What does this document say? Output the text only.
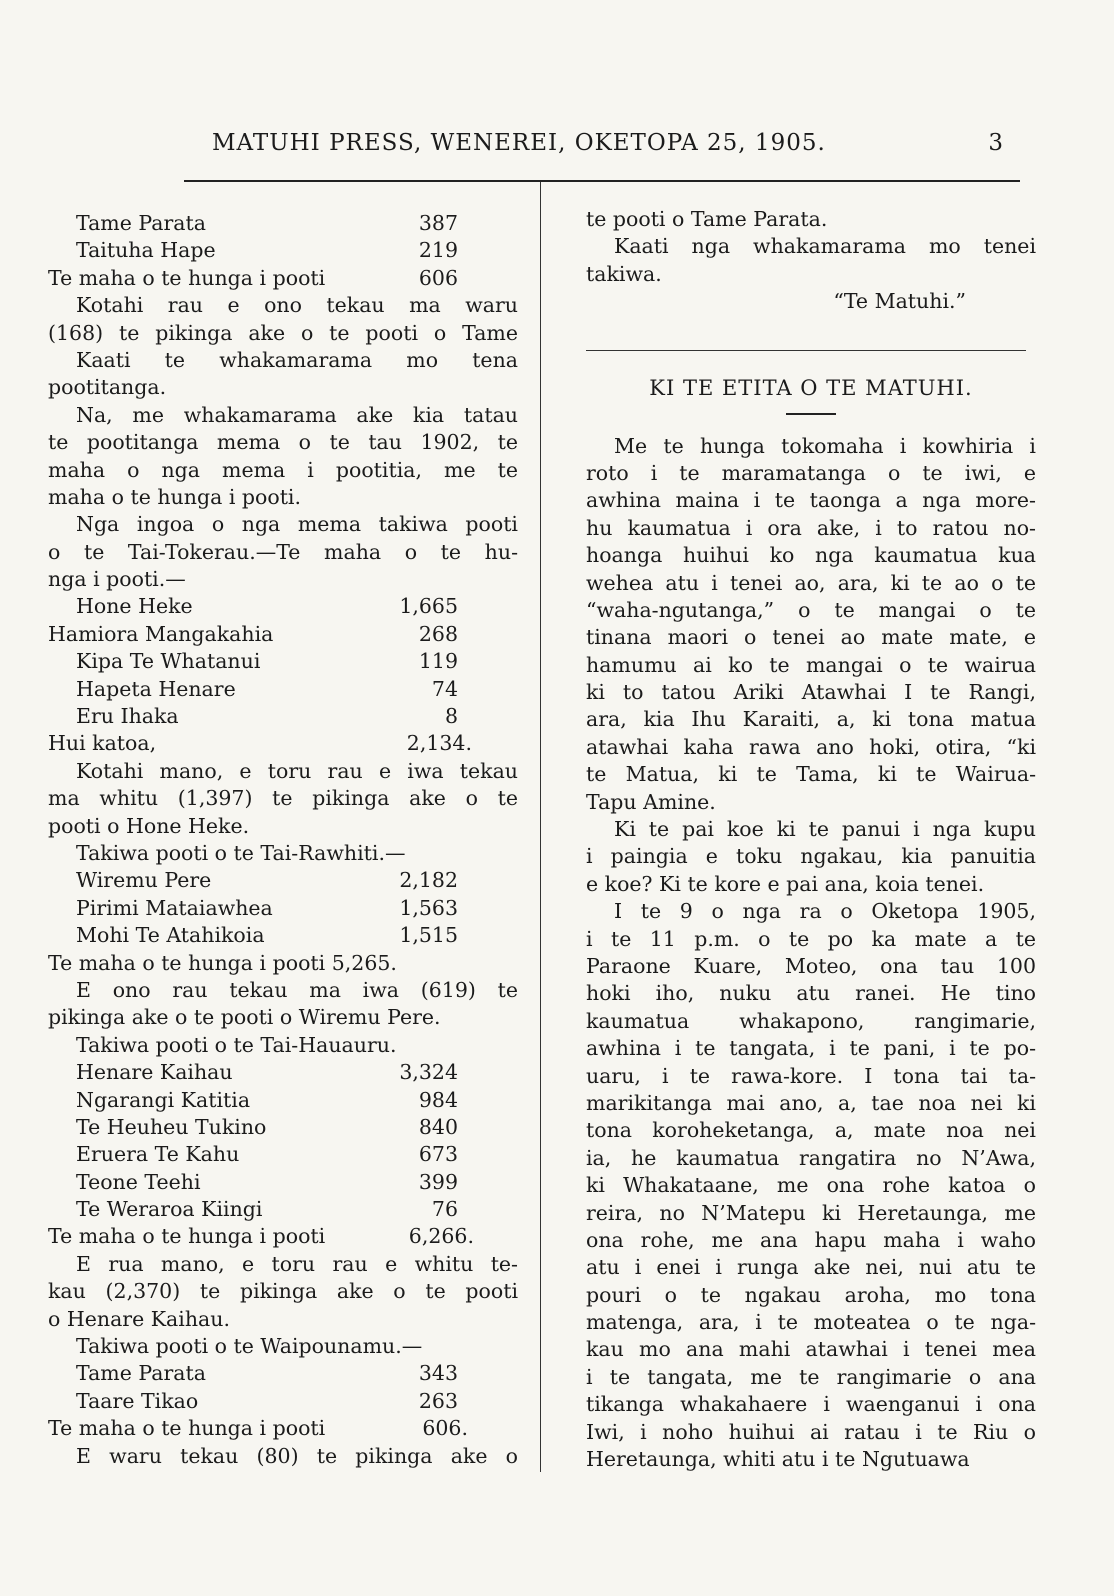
MATUHI PRESS, WENEREI, OKETOPA 25, 1905.	3
Tame Parata	387
Taituha Hape	219
Te maha o te hunga i pooti	606
Kotahi rau e ono tekau ma waru
(168) te pikinga ake o te pooti o Tame
Kaati te whakamarama mo tena
pootitanga.
Na, me whakamarama ake kia tatau
te pootitanga mema o te tau 1902, te
maha o nga mema i pootitia, me te
maha o te hunga i pooti.
Nga ingoa o nga mema takiwa pooti
o te Tai-Tokerau.—Te maha o te hu-
nga i pooti.—
Hone Heke	1,665
Hamiora Mangakahia	268
Kipa Te Whatanui	119
Hapeta Henare	74
Eru Ihaka	8
Hui katoa,	2,134.
Kotahi mano, e toru rau e iwa tekau
ma whitu (1,397) te pikinga ake o te
pooti o Hone Heke.
Takiwa pooti o te Tai-Rawhiti.—
Wiremu Pere	2,182
Pirimi Mataiawhea	1,563
Mohi Te Atahikoia	1,515
Te maha o te hunga i pooti 5,265.
E ono rau tekau ma iwa (619) te
pikinga ake o te pooti o Wiremu Pere.
Takiwa pooti o te Tai-Hauauru.
Henare Kaihau	3,324
Ngarangi Katitia	984
Te Heuheu Tukino	840
Eruera Te Kahu	673
Teone Teehi	399
Te Weraroa Kiingi	76
Te maha o te hunga i pooti	6,266.
E rua mano, e toru rau e whitu te-
kau (2,370) te pikinga ake o te pooti
o Henare Kaihau.
Takiwa pooti o te Waipounamu.—
Tame Parata	343
Taare Tikao	263
Te maha o te hunga i pooti	606.
E waru tekau (80) te pikinga ake o
te pooti o Tame Parata.
Kaati nga whakamarama mo tenei
takiwa.
“Te Matuhi.”
KI TE ETITA O TE MATUHI.
Me te hunga tokomaha i kowhiria i
roto i te maramatanga o te iwi, e
awhina maina i te taonga a nga more-
hu kaumatua i ora ake, i to ratou no-
hoanga huihui ko nga kaumatua kua
wehea atu i tenei ao, ara, ki te ao o te
“waha-ngutanga,” o te mangai o te
tinana maori o tenei ao mate mate, e
hamumu ai ko te mangai o te wairua
ki to tatou Ariki Atawhai I te Rangi,
ara, kia Ihu Karaiti, a, ki tona matua
atawhai kaha rawa ano hoki, otira, “ki
te Matua, ki te Tama, ki te Wairua-
Tapu Amine.
Ki te pai koe ki te panui i nga kupu
i paingia e toku ngakau, kia panuitia
e koe? Ki te kore e pai ana, koia tenei.
I te 9 o nga ra o Oketopa 1905,
i te 11 p.m. o te po ka mate a te
Paraone Kuare, Moteo, ona tau 100
hoki iho, nuku atu ranei. He tino
kaumatua whakapono, rangimarie,
awhina i te tangata, i te pani, i te po-
uaru, i te rawa-kore. I tona tai ta-
marikitanga mai ano, a, tae noa nei ki
tona koroheketanga, a, mate noa nei
ia, he kaumatua rangatira no N’Awa,
ki Whakataane, me ona rohe katoa o
reira, no N’Matepu ki Heretaunga, me
ona rohe, me ana hapu maha i waho
atu i enei i runga ake nei, nui atu te
pouri o te ngakau aroha, mo tona
matenga, ara, i te moteatea o te nga-
kau mo ana mahi atawhai i tenei mea
i te tangata, me te rangimarie o ana
tikanga whakahaere i waenganui i ona
Iwi, i noho huihui ai ratau i te Riu o
Heretaunga, whiti atu i te Ngutuawa
